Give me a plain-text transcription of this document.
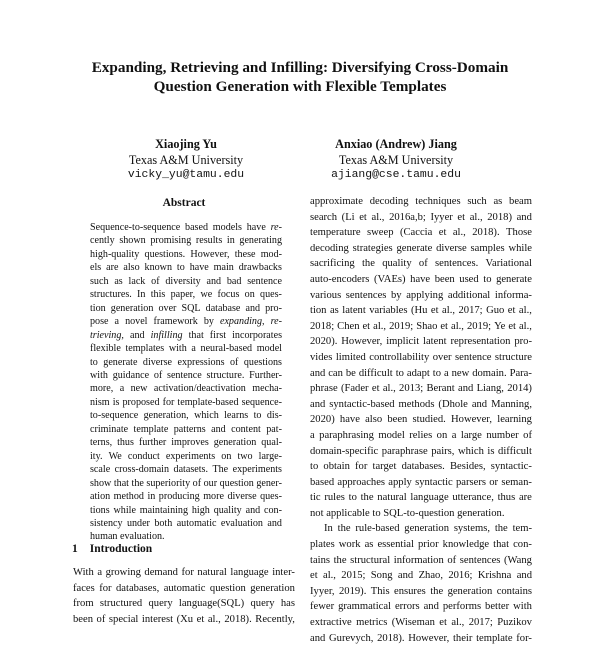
Expanding, Retrieving and Infilling: Diversifying Cross-Domain
Question Generation with Flexible Templates
Xiaojing Yu
Texas A&M University
vicky_yu@tamu.edu
Anxiao (Andrew) Jiang
Texas A&M University
ajiang@cse.tamu.edu
Abstract
Sequence-to-sequence based models have re-
cently shown promising results in generating
high-quality questions. However, these mod-
els are also known to have main drawbacks
such as lack of diversity and bad sentence
structures. In this paper, we focus on ques-
tion generation over SQL database and pro-
pose a novel framework by expanding, re-
trieving, and infilling that first incorporates
flexible templates with a neural-based model
to generate diverse expressions of questions
with guidance of sentence structure. Further-
more, a new activation/deactivation mecha-
nism is proposed for template-based sequence-
to-sequence generation, which learns to dis-
criminate template patterns and content pat-
terns, thus further improves generation qual-
ity. We conduct experiments on two large-
scale cross-domain datasets. The experiments
show that the superiority of our question gener-
ation method in producing more diverse ques-
tions while maintaining high quality and con-
sistency under both automatic evaluation and
human evaluation.
1 Introduction
With a growing demand for natural language inter-
faces for databases, automatic question generation
from structured query language(SQL) query has
been of special interest (Xu et al., 2018). Recently,
approximate decoding techniques such as beam
search (Li et al., 2016a,b; Iyyer et al., 2018) and
temperature sweep (Caccia et al., 2018). Those
decoding strategies generate diverse samples while
sacrificing the quality of sentences. Variational
auto-encoders (VAEs) have been used to generate
various sentences by applying additional informa-
tion as latent variables (Hu et al., 2017; Guo et al.,
2018; Chen et al., 2019; Shao et al., 2019; Ye et al.,
2020). However, implicit latent representation pro-
vides limited controllability over sentence structure
and can be difficult to adapt to a new domain. Para-
phrase (Fader et al., 2013; Berant and Liang, 2014)
and syntactic-based methods (Dhole and Manning,
2020) have also been studied. However, learning
a paraphrasing model relies on a large number of
domain-specific paraphrase pairs, which is difficult
to obtain for target databases. Besides, syntactic-
based approaches apply syntactic parsers or seman-
tic rules to the natural language utterance, thus are
not applicable to SQL-to-question generation.
In the rule-based generation systems, the tem-
plates work as essential prior knowledge that con-
tains the structural information of sentences (Wang
et al., 2015; Song and Zhao, 2016; Krishna and
Iyyer, 2019). This ensures the generation contains
fewer grammatical errors and performs better with
extractive metrics (Wiseman et al., 2017; Puzikov
and Gurevych, 2018). However, their template for-
